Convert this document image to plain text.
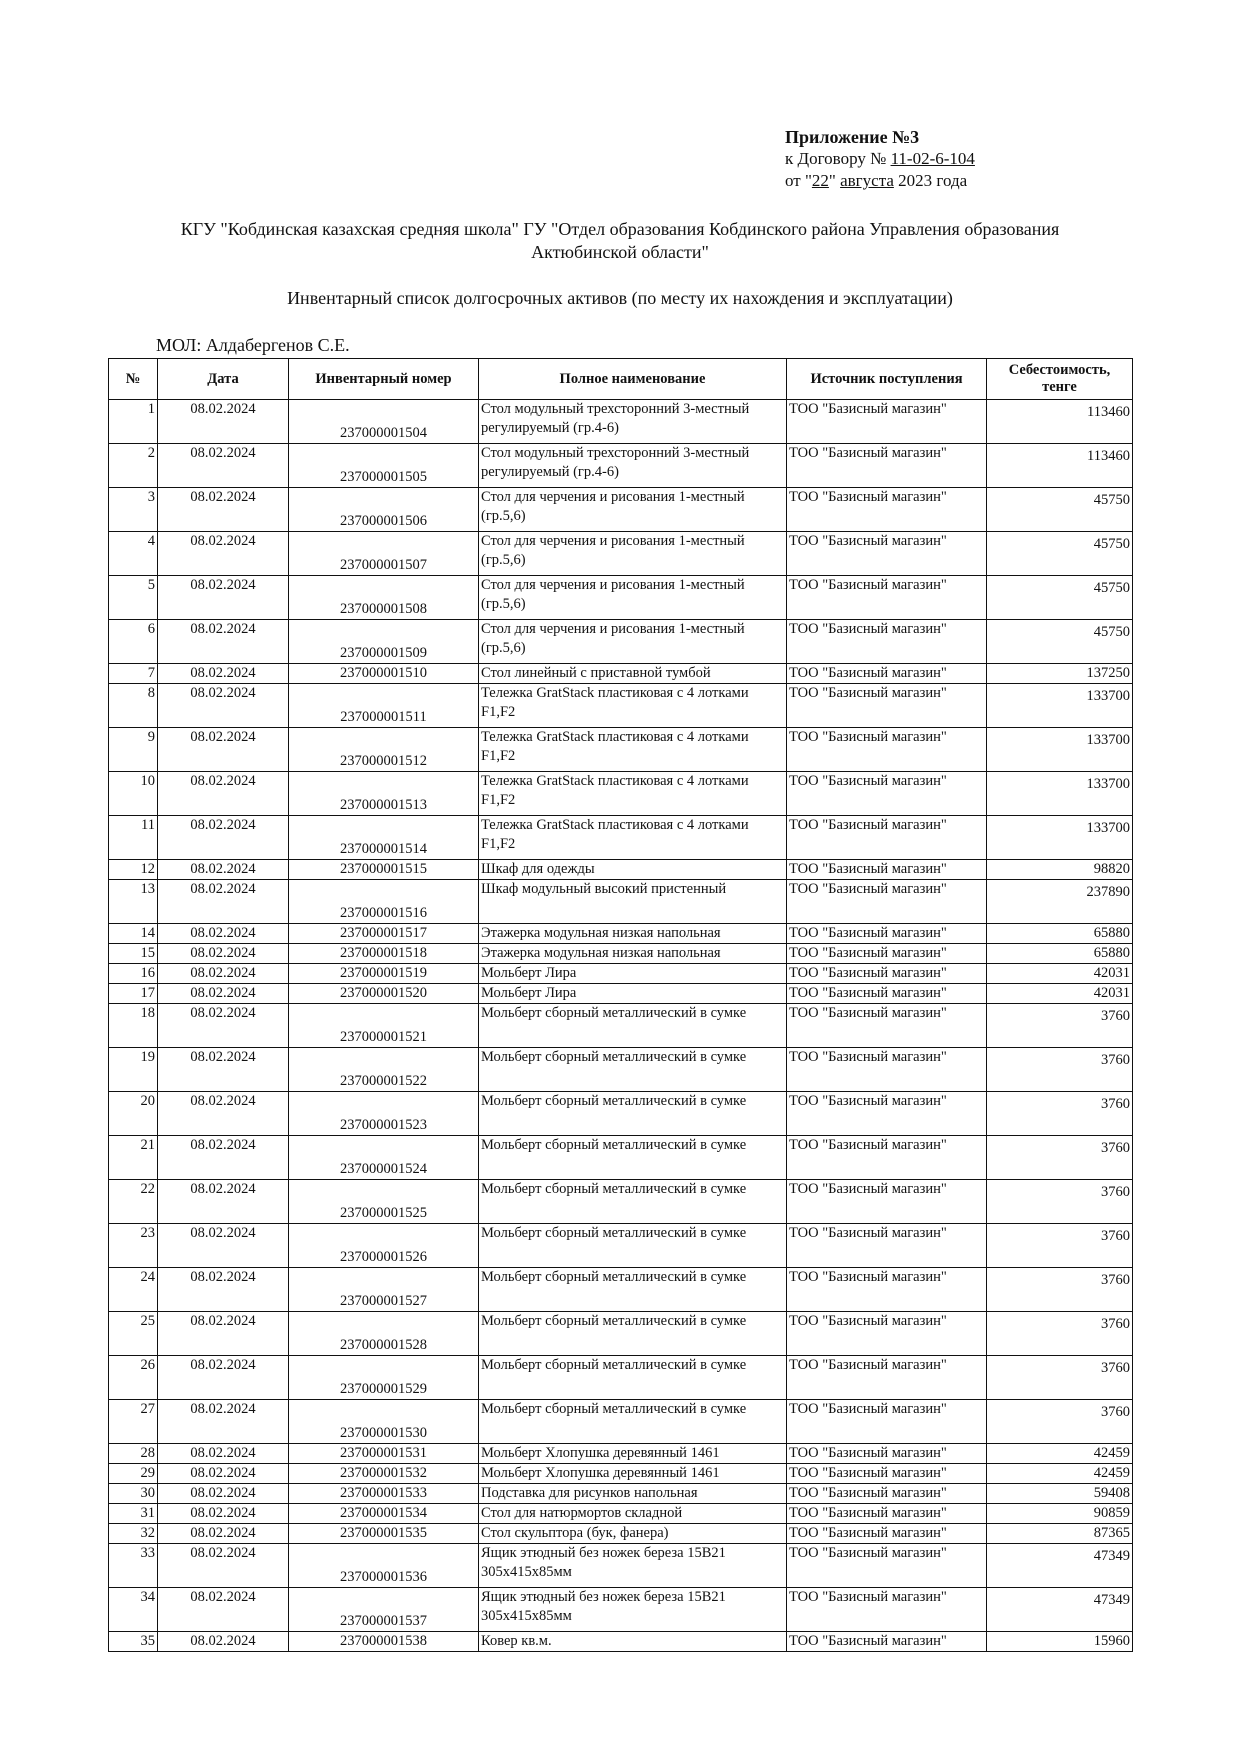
Приложение №3
к Договору № 11-02-6-104
от "22" августа 2023 года
КГУ "Кобдинская казахская средняя школа" ГУ "Отдел образования Кобдинского района Управления образования
Актюбинской области"
Инвентарный список долгосрочных активов (по месту их нахождения и эксплуатации)
МОЛ: Алдабергенов С.Е.
№	Дата	Инвентарный номер	Полное наименование	Источник поступления	Себестоимость,
тенге

1	08.02.2024	237000001504	Стол модульный трехсторонний 3-местный регулируемый (гр.4-6)	ТОО "Базисный магазин"	113460
2	08.02.2024	237000001505	Стол модульный трехсторонний 3-местный регулируемый (гр.4-6)	ТОО "Базисный магазин"	113460
3	08.02.2024	237000001506	Стол для черчения и рисования 1-местный (гр.5,6)	ТОО "Базисный магазин"	45750
4	08.02.2024	237000001507	Стол для черчения и рисования 1-местный (гр.5,6)	ТОО "Базисный магазин"	45750
5	08.02.2024	237000001508	Стол для черчения и рисования 1-местный (гр.5,6)	ТОО "Базисный магазин"	45750
6	08.02.2024	237000001509	Стол для черчения и рисования 1-местный (гр.5,6)	ТОО "Базисный магазин"	45750
7	08.02.2024	237000001510	Стол линейный с приставной тумбой	ТОО "Базисный магазин"	137250
8	08.02.2024	237000001511	Тележка GratStack пластиковая с 4 лотками F1,F2	ТОО "Базисный магазин"	133700
9	08.02.2024	237000001512	Тележка GratStack пластиковая с 4 лотками F1,F2	ТОО "Базисный магазин"	133700
10	08.02.2024	237000001513	Тележка GratStack пластиковая с 4 лотками F1,F2	ТОО "Базисный магазин"	133700
11	08.02.2024	237000001514	Тележка GratStack пластиковая с 4 лотками F1,F2	ТОО "Базисный магазин"	133700
12	08.02.2024	237000001515	Шкаф для одежды	ТОО "Базисный магазин"	98820
13	08.02.2024	237000001516	Шкаф модульный высокий пристенный	ТОО "Базисный магазин"	237890
14	08.02.2024	237000001517	Этажерка модульная низкая напольная	ТОО "Базисный магазин"	65880
15	08.02.2024	237000001518	Этажерка модульная низкая напольная	ТОО "Базисный магазин"	65880
16	08.02.2024	237000001519	Мольберт Лира	ТОО "Базисный магазин"	42031
17	08.02.2024	237000001520	Мольберт Лира	ТОО "Базисный магазин"	42031
18	08.02.2024	237000001521	Мольберт сборный металлический в сумке	ТОО "Базисный магазин"	3760
19	08.02.2024	237000001522	Мольберт сборный металлический в сумке	ТОО "Базисный магазин"	3760
20	08.02.2024	237000001523	Мольберт сборный металлический в сумке	ТОО "Базисный магазин"	3760
21	08.02.2024	237000001524	Мольберт сборный металлический в сумке	ТОО "Базисный магазин"	3760
22	08.02.2024	237000001525	Мольберт сборный металлический в сумке	ТОО "Базисный магазин"	3760
23	08.02.2024	237000001526	Мольберт сборный металлический в сумке	ТОО "Базисный магазин"	3760
24	08.02.2024	237000001527	Мольберт сборный металлический в сумке	ТОО "Базисный магазин"	3760
25	08.02.2024	237000001528	Мольберт сборный металлический в сумке	ТОО "Базисный магазин"	3760
26	08.02.2024	237000001529	Мольберт сборный металлический в сумке	ТОО "Базисный магазин"	3760
27	08.02.2024	237000001530	Мольберт сборный металлический в сумке	ТОО "Базисный магазин"	3760
28	08.02.2024	237000001531	Мольберт Хлопушка деревянный 1461	ТОО "Базисный магазин"	42459
29	08.02.2024	237000001532	Мольберт Хлопушка деревянный 1461	ТОО "Базисный магазин"	42459
30	08.02.2024	237000001533	Подставка для рисунков напольная	ТОО "Базисный магазин"	59408
31	08.02.2024	237000001534	Стол для натюрмортов складной	ТОО "Базисный магазин"	90859
32	08.02.2024	237000001535	Стол скульптора (бук, фанера)	ТОО "Базисный магазин"	87365
33	08.02.2024	237000001536	Ящик этюдный без ножек береза 15В21 305х415х85мм	ТОО "Базисный магазин"	47349
34	08.02.2024	237000001537	Ящик этюдный без ножек береза 15В21 305х415х85мм	ТОО "Базисный магазин"	47349
35	08.02.2024	237000001538	Ковер кв.м.	ТОО "Базисный магазин"	15960
